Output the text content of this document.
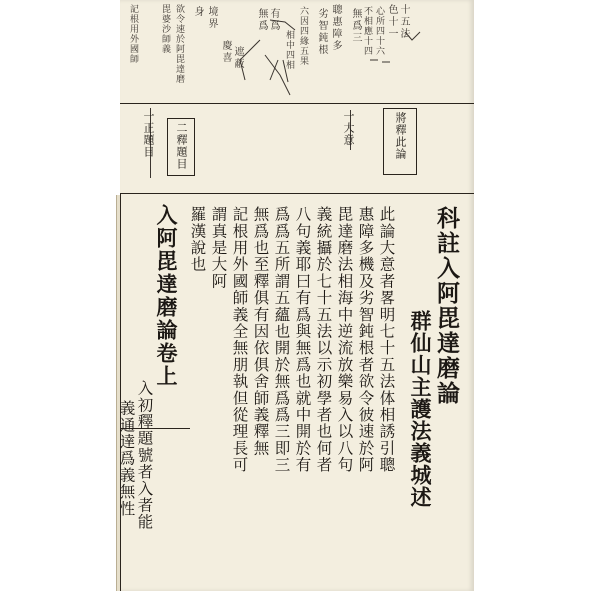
十五法
色十一
心所四十六
不相應十四
無爲三
聰惠障多
劣智鈍根
六因四緣五果
相中四相
有爲
無爲
遮蔽
慶喜
境界
身
欲令速於阿毘達磨
毘婆沙師義
記根用外國師
將釋此論
一大意
二釋題目
一正題目
科註入阿毘達磨論
群仙山主護法義城述
此論大意者畧明七十五法体相誘引聰
惠障多機及劣智鈍根者欲令彼速於阿
毘達磨法相海中逆流放樂易入以八句
義統攝於七十五法以示初學者也何者
八句義耶曰有爲與無爲也就中開於有
爲爲五所謂五蘊也開於無爲爲三即三
無爲也至釋俱有因依俱舍師義釋無
記根用外國師義全無朋執但從理長可
謂真是大阿
羅漢說也
入阿毘達磨論卷上
入初釋題號者入者能
義通達爲義無性
